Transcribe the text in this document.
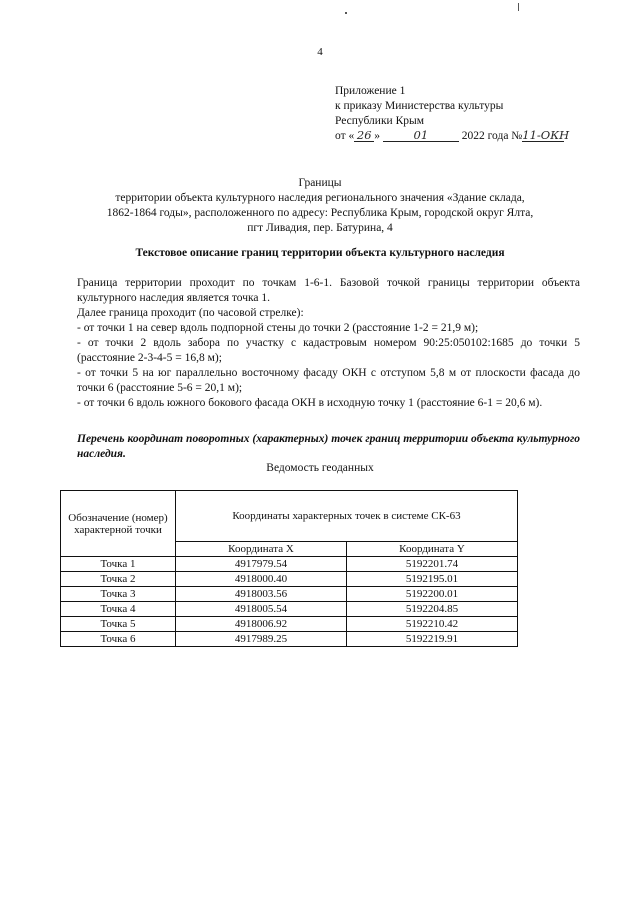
4
Приложение 1
к приказу Министерства культуры
Республики Крым
от « 26 »	01	2022 года №11-ОКН
Границы
территории объекта культурного наследия регионального значения «Здание склада,
1862-1864 годы», расположенного по адресу: Республика Крым, городской округ Ялта,
пгт Ливадия, пер. Батурина, 4
Текстовое описание границ территории объекта культурного наследия

Граница территории проходит по точкам 1-6-1. Базовой точкой границы территории объекта культурного наследия является точка 1.

Далее граница проходит (по часовой стрелке):

- от точки 1 на север вдоль подпорной стены до точки 2 (расстояние 1-2 = 21,9 м);

- от точки 2 вдоль забора по участку с кадастровым номером 90:25:050102:1685 до точки 5 (расстояние 2-3-4-5 = 16,8 м);

- от точки 5 на юг параллельно восточному фасаду ОКН с отступом 5,8 м от плоскости фасада до точки 6 (расстояние 5-6 = 20,1 м);

- от точки 6 вдоль южного бокового фасада ОКН в исходную точку 1 (расстояние 6-1 = 20,6 м).

Перечень координат поворотных (характерных) точек границ территории объекта культурного наследия.
Ведомость геоданных
Обозначение (номер) характерной точки	Координаты характерных точек в системе СК-63	
	Координата X	Координата Y
Точка 1	4917979.54	5192201.74
Точка 2	4918000.40	5192195.01
Точка 3	4918003.56	5192200.01
Точка 4	4918005.54	5192204.85
Точка 5	4918006.92	5192210.42
Точка 6	4917989.25	5192219.91
